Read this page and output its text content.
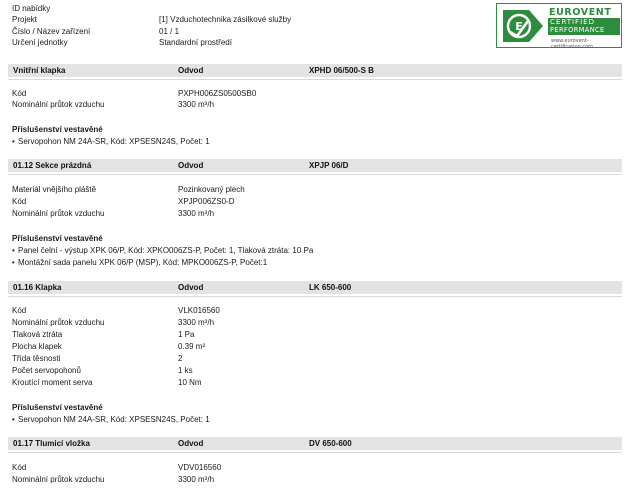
ID nabídky
Projekt	[1] Vzduchotechnika zásilkové služby
Číslo / Název zařízení	01 / 1
Určení jednotky	Standardní prostředí
E
EUROVENT
CERTIFIED
PERFORMANCE
www.eurovent-certification.com
Vnitřní klapka	Odvod	XPHD 06/500-S B
Kód	PXPH006ZS0500SB0
Nominální průtok vzduchu	3300 m³/h
Příslušenství vestavěné
• Servopohon NM 24A-SR, Kód: XPSESN24S, Počet: 1
01.12 Sekce prázdná	Odvod	XPJP 06/D
Materiál vnějšího pláště	Pozinkovaný plech
Kód	XPJP006ZS0-D
Nominální průtok vzduchu	3300 m³/h
Příslušenství vestavěné
• Panel čelní - výstup XPK 06/P, Kód: XPKO006ZS-P, Počet: 1, Tlaková ztráta: 10 Pa
• Montážní sada panelu XPK 06/P (MSP), Kód: MPKO006ZS-P, Počet:1
01.16 Klapka	Odvod	LK 650-600
Kód	VLK016560
Nominální průtok vzduchu	3300 m³/h
Tlaková ztráta	1 Pa
Plocha klapek	0.39 m²
Třída těsnosti	2
Počet servopohonů	1 ks
Kroutící moment serva	10 Nm
Příslušenství vestavěné
• Servopohon NM 24A-SR, Kód: XPSESN24S, Počet: 1
01.17 Tlumicí vložka	Odvod	DV 650-600
Kód	VDV016560
Nominální průtok vzduchu	3300 m³/h
